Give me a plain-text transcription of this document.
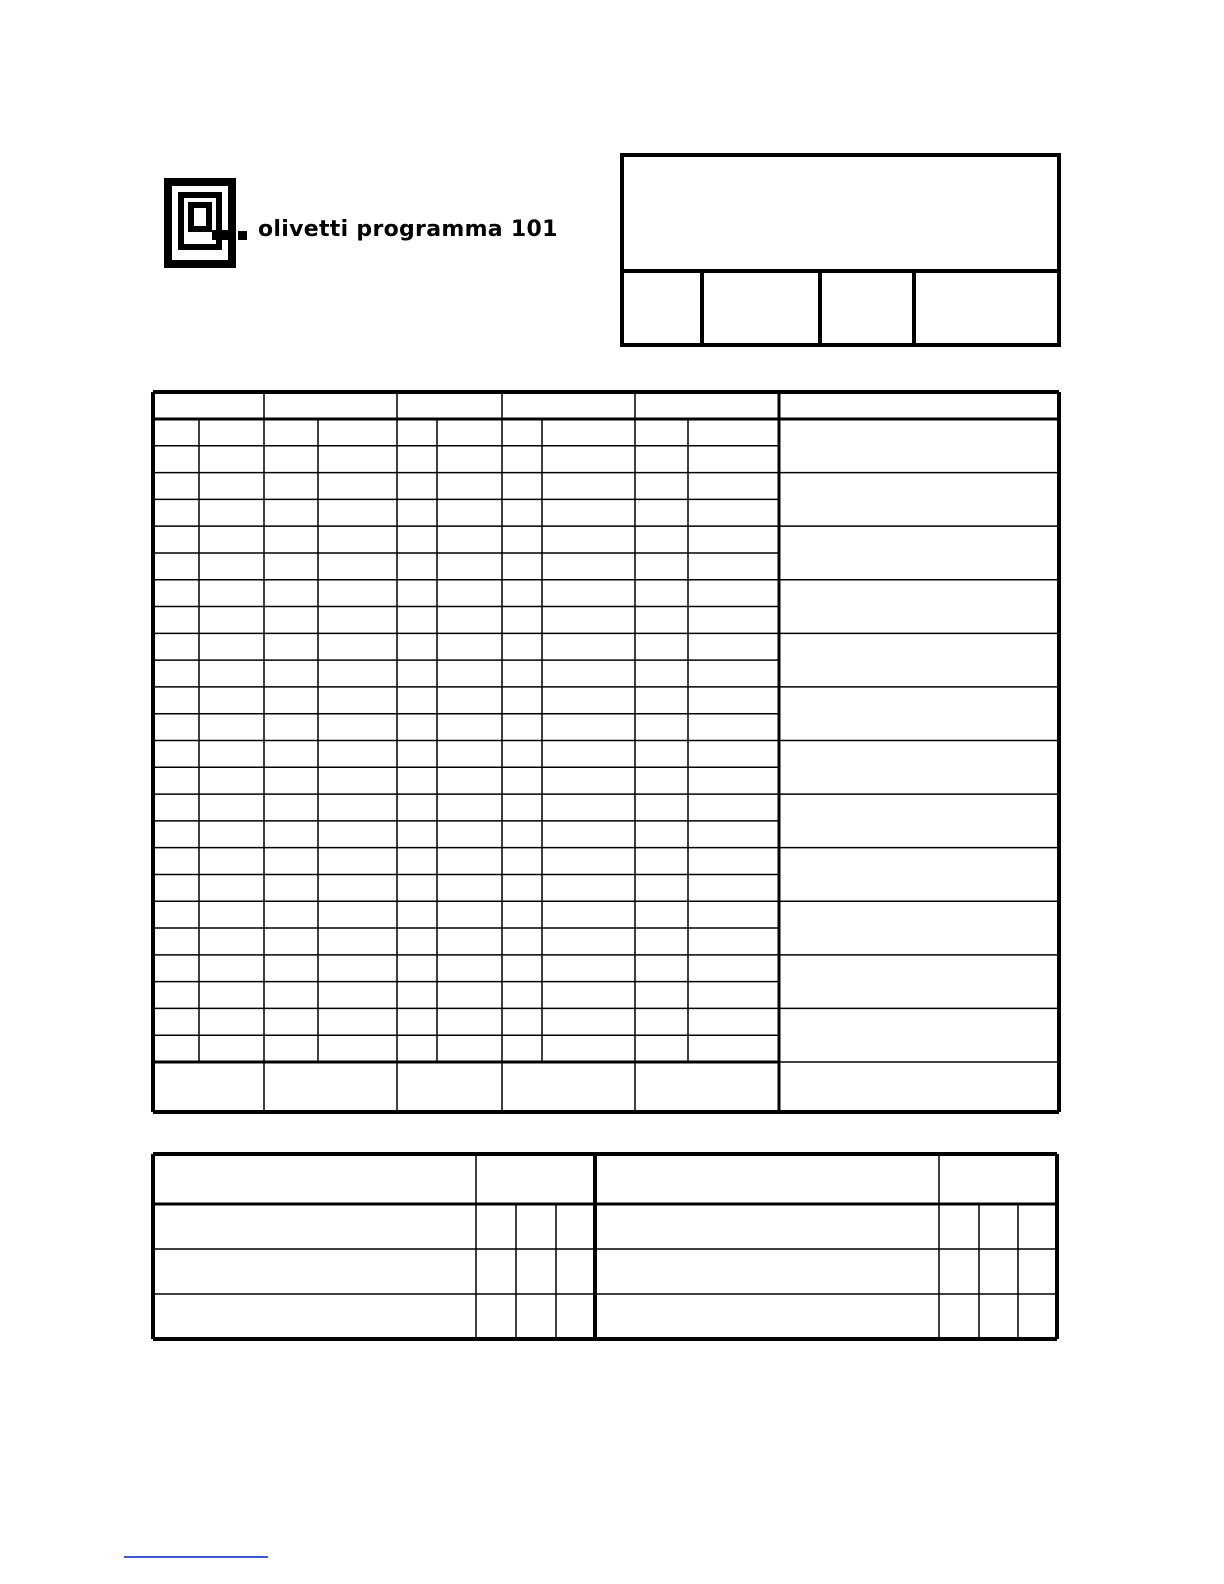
olivetti programma 101
